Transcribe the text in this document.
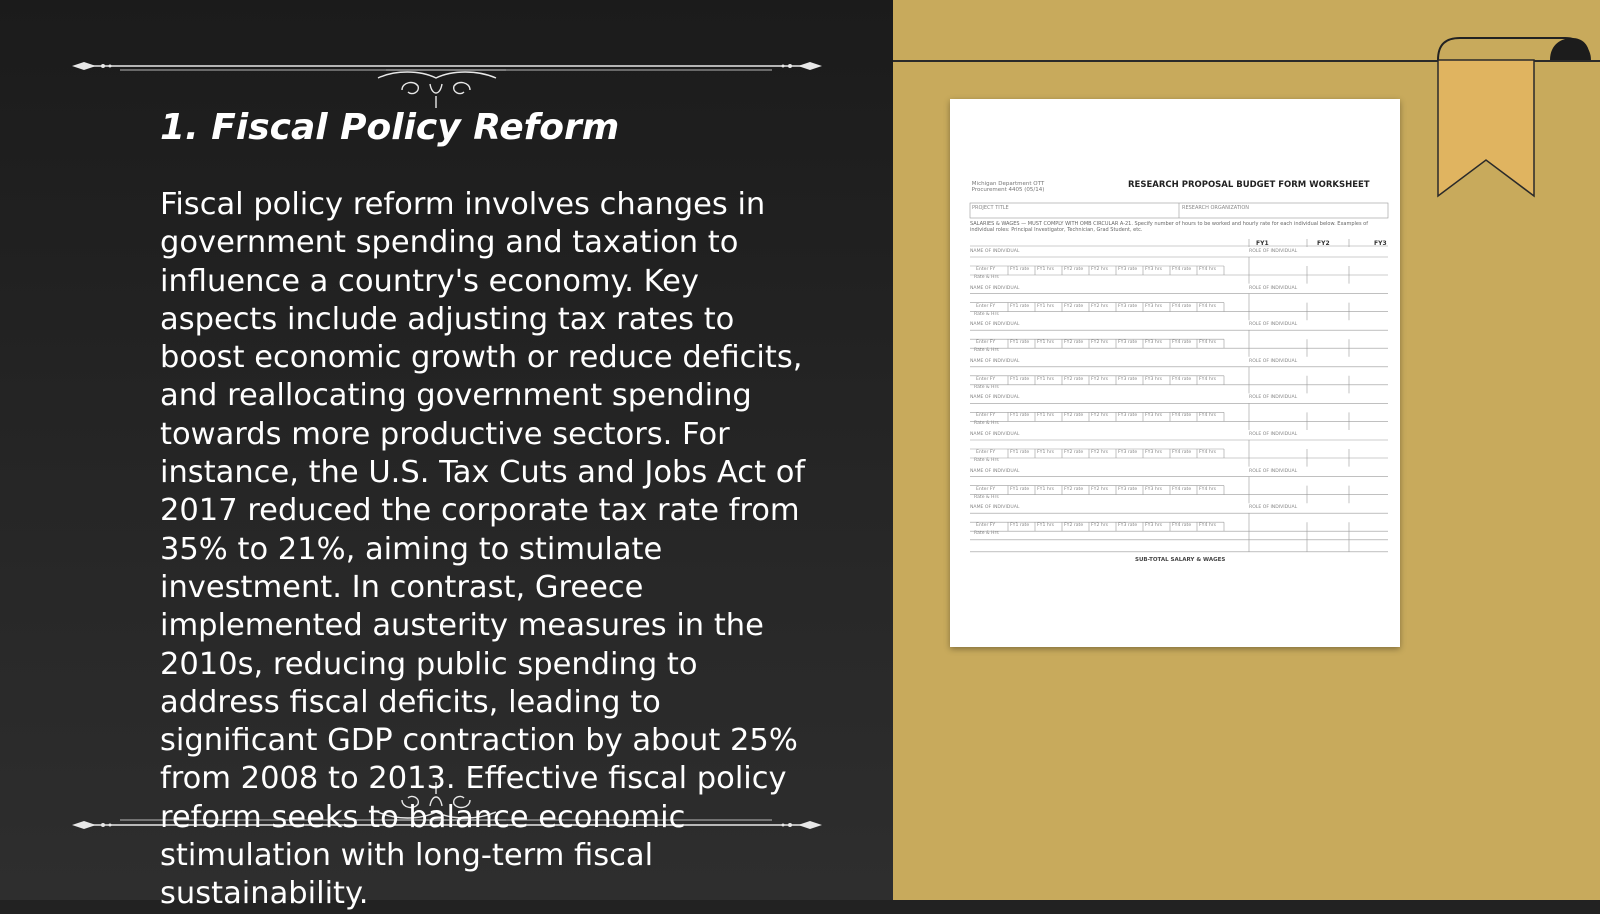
1. Fiscal Policy Reform

Fiscal policy reform involves changes in government spending and taxation to influence a country's economy. Key aspects include adjusting tax rates to boost economic growth or reduce deficits, and reallocating government spending towards more productive sectors. For instance, the U.S. Tax Cuts and Jobs Act of 2017 reduced the corporate tax rate from 35% to 21%, aiming to stimulate investment. In contrast, Greece implemented austerity measures in the 2010s, reducing public spending to address fiscal deficits, leading to significant GDP contraction by about 25% from 2008 to 2013. Effective fiscal policy reform seeks to balance economic stimulation with long-term fiscal sustainability.

Michigan Department OTT Procurement 4405 (05/14)	RESEARCH PROPOSAL BUDGET FORM WORKSHEET
PROJECT TITLE	RESEARCH ORGANIZATION
SALARIES & WAGES — MUST COMPLY WITH OMB CIRCULAR A-21. Specify number of hours to be worked and hourly rate for each individual below. Examples of individual roles: Principal Investigator, Technician, Grad Student, etc.
FY1	FY2	FY3
NAME OF INDIVIDUAL	ROLE OF INDIVIDUAL
Enter FY
Rate & Hrs
FY1 rate FY1 hrs FY2 rate FY2 hrs FY3 rate FY3 hrs FY4 rate FY4 hrs
NAME OF INDIVIDUAL	ROLE OF INDIVIDUAL
Enter FY
Rate & Hrs
FY1 rate FY1 hrs FY2 rate FY2 hrs FY3 rate FY3 hrs FY4 rate FY4 hrs
NAME OF INDIVIDUAL	ROLE OF INDIVIDUAL
Enter FY
Rate & Hrs
FY1 rate FY1 hrs FY2 rate FY2 hrs FY3 rate FY3 hrs FY4 rate FY4 hrs
NAME OF INDIVIDUAL	ROLE OF INDIVIDUAL
Enter FY
Rate & Hrs
FY1 rate FY1 hrs FY2 rate FY2 hrs FY3 rate FY3 hrs FY4 rate FY4 hrs
NAME OF INDIVIDUAL	ROLE OF INDIVIDUAL
Enter FY
Rate & Hrs
FY1 rate FY1 hrs FY2 rate FY2 hrs FY3 rate FY3 hrs FY4 rate FY4 hrs
NAME OF INDIVIDUAL	ROLE OF INDIVIDUAL
Enter FY
Rate & Hrs
FY1 rate FY1 hrs FY2 rate FY2 hrs FY3 rate FY3 hrs FY4 rate FY4 hrs
NAME OF INDIVIDUAL	ROLE OF INDIVIDUAL
Enter FY
Rate & Hrs
FY1 rate FY1 hrs FY2 rate FY2 hrs FY3 rate FY3 hrs FY4 rate FY4 hrs
NAME OF INDIVIDUAL	ROLE OF INDIVIDUAL
Enter FY
Rate & Hrs
FY1 rate FY1 hrs FY2 rate FY2 hrs FY3 rate FY3 hrs FY4 rate FY4 hrs
SUB-TOTAL SALARY & WAGES
